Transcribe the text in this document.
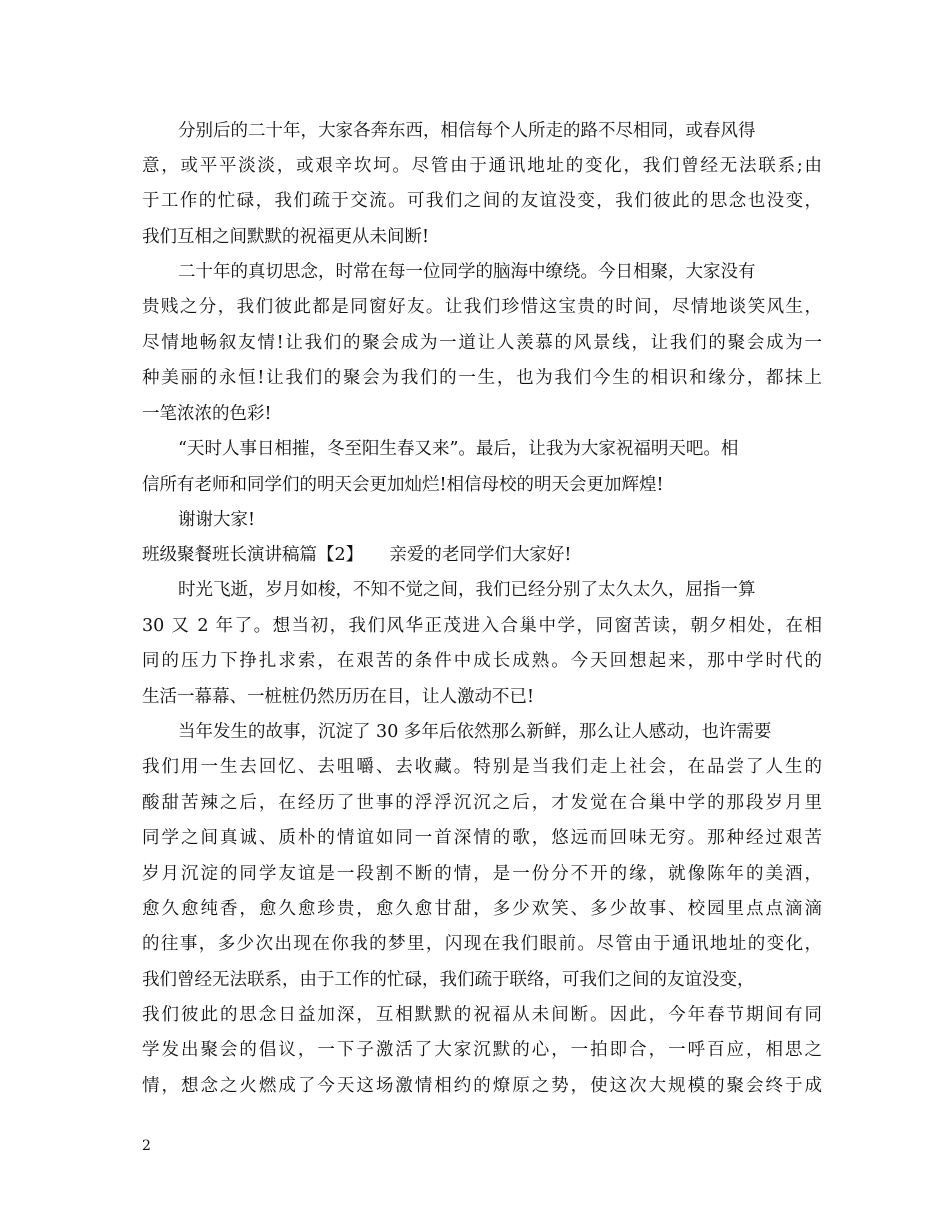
分别后的二十年，大家各奔东西，相信每个人所走的路不尽相同，或春风得
意，或平平淡淡，或艰辛坎坷。尽管由于通讯地址的变化，我们曾经无法联系;由
于工作的忙碌，我们疏于交流。可我们之间的友谊没变，我们彼此的思念也没变，
我们互相之间默默的祝福更从未间断!
二十年的真切思念，时常在每一位同学的脑海中缭绕。今日相聚，大家没有
贵贱之分，我们彼此都是同窗好友。让我们珍惜这宝贵的时间，尽情地谈笑风生，
尽情地畅叙友情!让我们的聚会成为一道让人羡慕的风景线，让我们的聚会成为一
种美丽的永恒!让我们的聚会为我们的一生，也为我们今生的相识和缘分，都抹上
一笔浓浓的色彩!
“天时人事日相摧，冬至阳生春又来”。最后，让我为大家祝福明天吧。相
信所有老师和同学们的明天会更加灿烂!相信母校的明天会更加辉煌!
谢谢大家!
班级聚餐班长演讲稿篇【2】　　亲爱的老同学们大家好!
时光飞逝，岁月如梭，不知不觉之间，我们已经分别了太久太久，屈指一算
30 又 2 年了。想当初，我们风华正茂进入合巢中学，同窗苦读，朝夕相处，在相
同的压力下挣扎求索，在艰苦的条件中成长成熟。今天回想起来，那中学时代的
生活一幕幕、一桩桩仍然历历在目，让人激动不已!
当年发生的故事，沉淀了 30 多年后依然那么新鲜，那么让人感动，也许需要
我们用一生去回忆、去咀嚼、去收藏。特别是当我们走上社会，在品尝了人生的
酸甜苦辣之后，在经历了世事的浮浮沉沉之后，才发觉在合巢中学的那段岁月里
同学之间真诚、质朴的情谊如同一首深情的歌，悠远而回味无穷。那种经过艰苦
岁月沉淀的同学友谊是一段割不断的情，是一份分不开的缘，就像陈年的美酒，
愈久愈纯香，愈久愈珍贵，愈久愈甘甜，多少欢笑、多少故事、校园里点点滴滴
的往事，多少次出现在你我的梦里，闪现在我们眼前。尽管由于通讯地址的变化，
我们曾经无法联系，由于工作的忙碌，我们疏于联络，可我们之间的友谊没变，
我们彼此的思念日益加深，互相默默的祝福从未间断。因此，今年春节期间有同
学发出聚会的倡议，一下子激活了大家沉默的心，一拍即合，一呼百应，相思之
情，想念之火燃成了今天这场激情相约的燎原之势，使这次大规模的聚会终于成
2
